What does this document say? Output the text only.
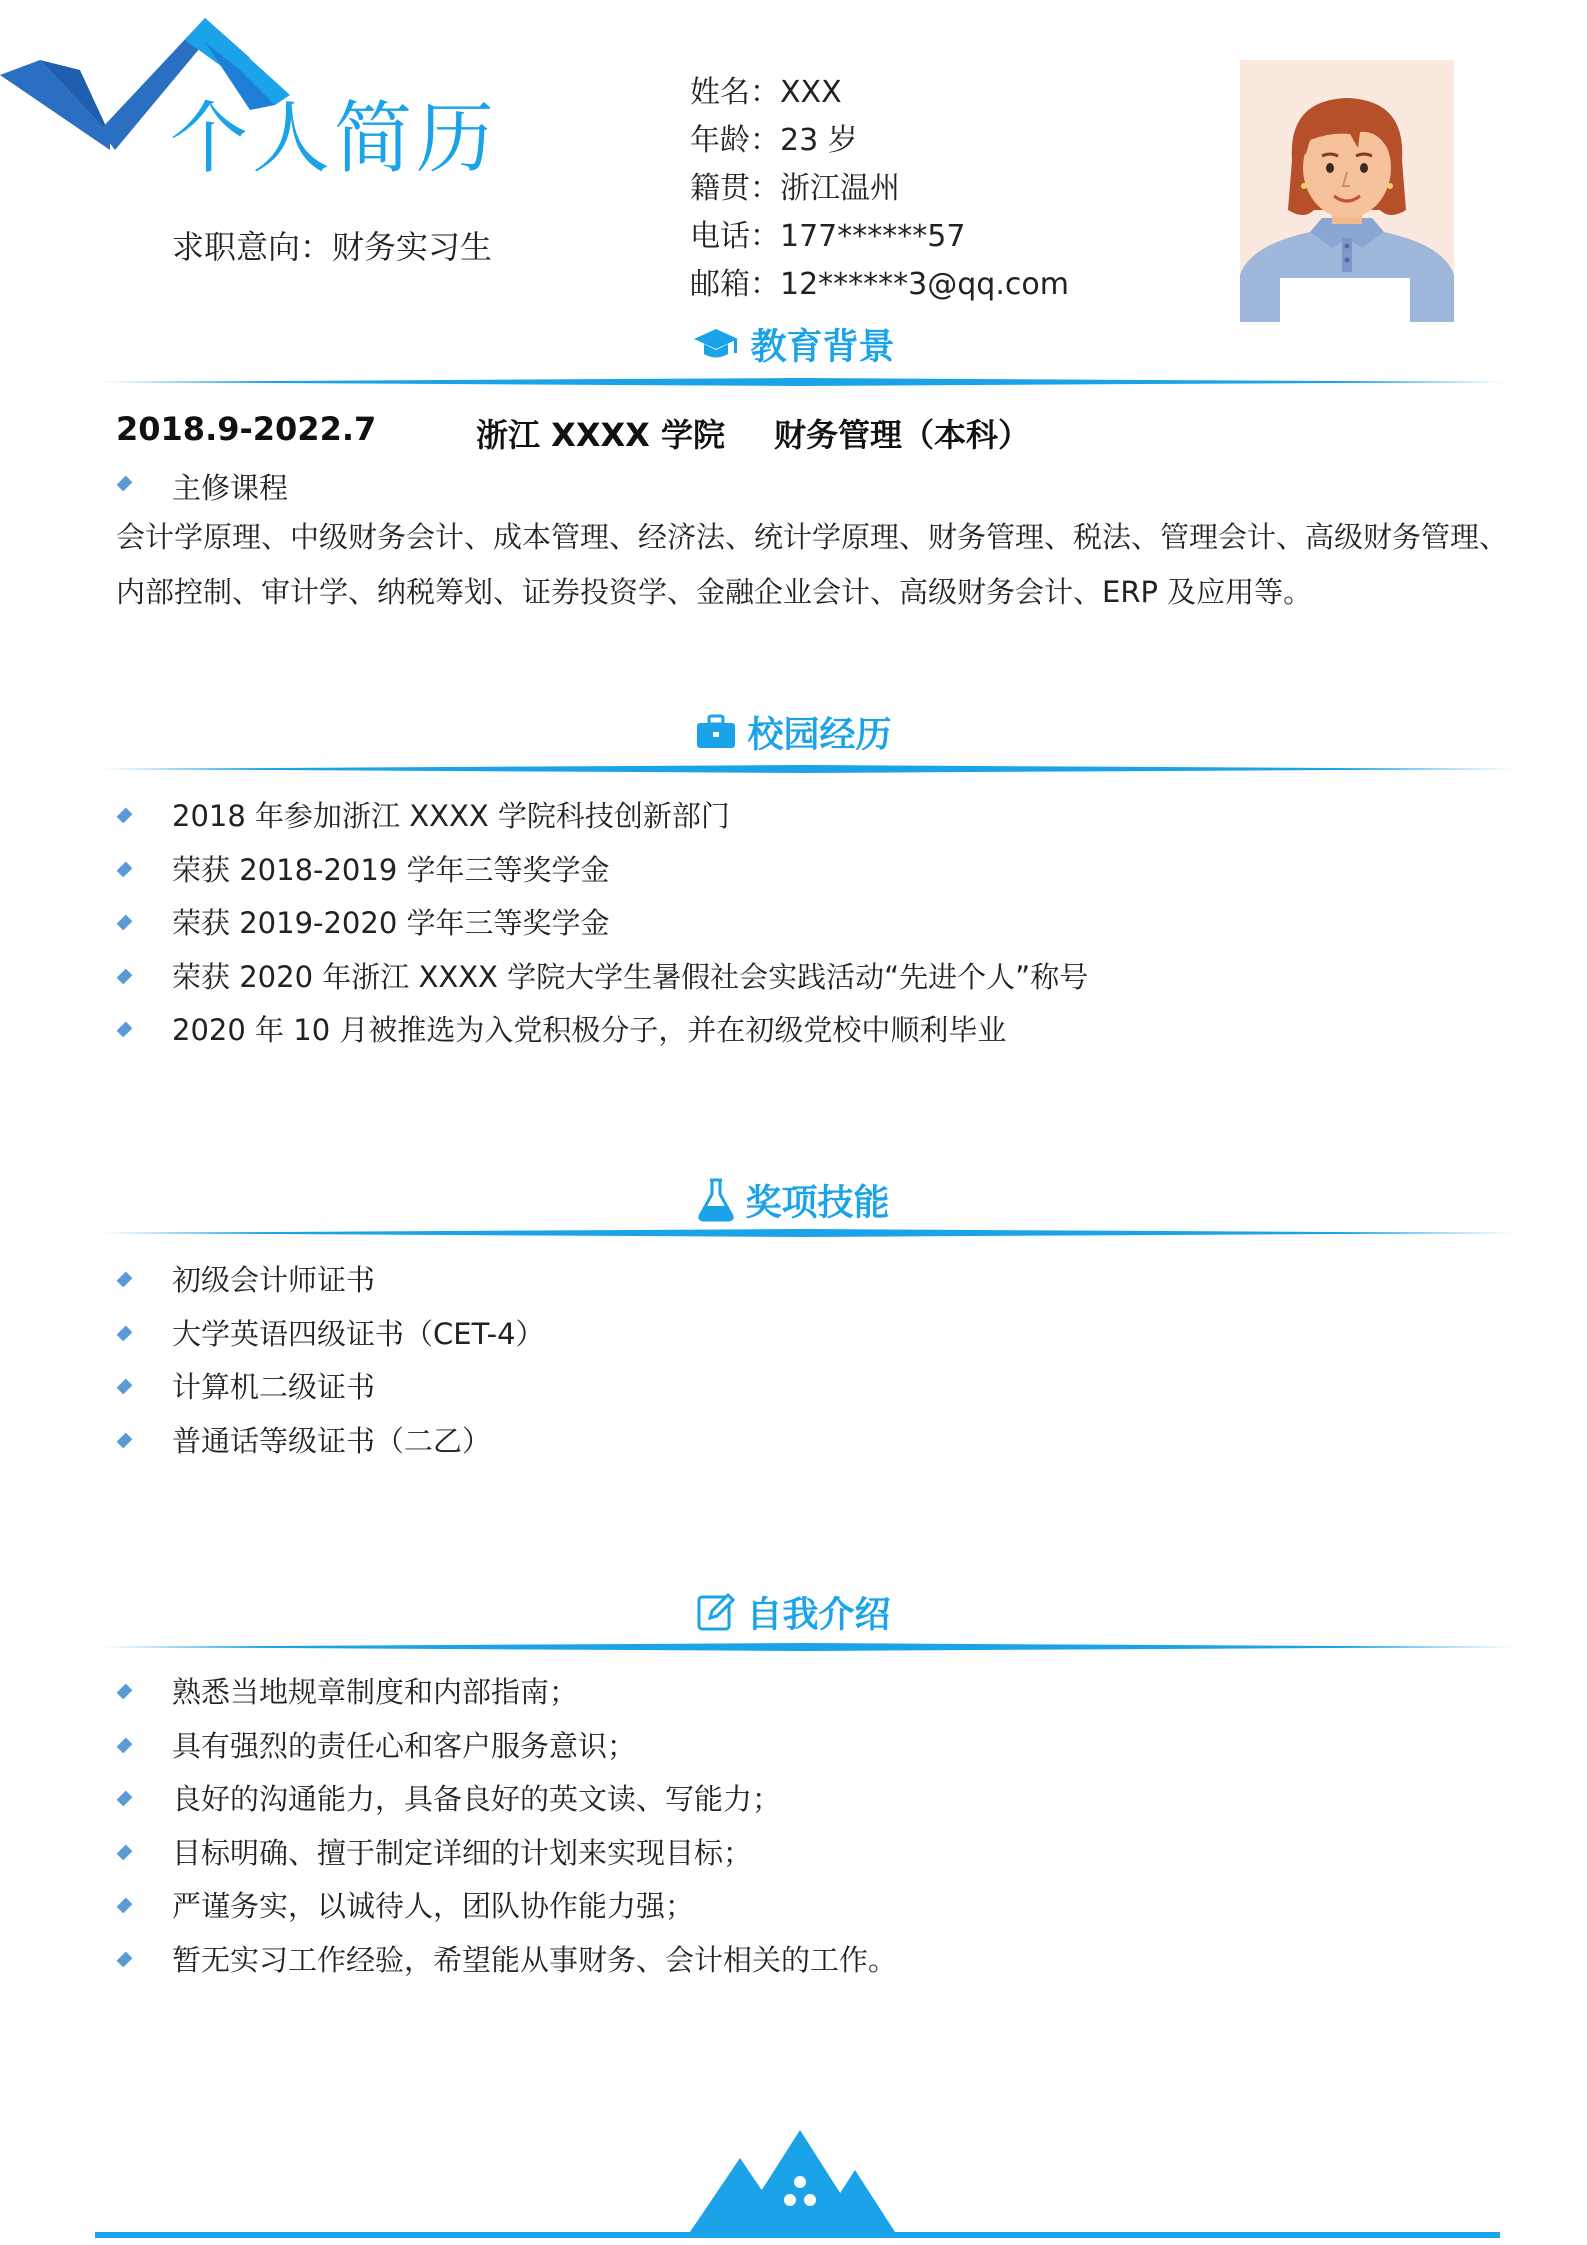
个人简历
求职意向：财务实习生
姓名：XXX
年龄：23 岁
籍贯：浙江温州
电话：177******57
邮箱：12******3@qq.com
教育背景
2018.9-2022.7	浙江 XXXX 学院 财务管理（本科）
主修课程
会计学原理、中级财务会计、成本管理、经济法、统计学原理、财务管理、税法、管理会计、高级财务管理、内部控制、审计学、纳税筹划、证券投资学、金融企业会计、高级财务会计、ERP 及应用等。
校园经历
2018 年参加浙江 XXXX 学院科技创新部门
荣获 2018-2019 学年三等奖学金
荣获 2019-2020 学年三等奖学金
荣获 2020 年浙江 XXXX 学院大学生暑假社会实践活动“先进个人”称号
2020 年 10 月被推选为入党积极分子，并在初级党校中顺利毕业
奖项技能
初级会计师证书
大学英语四级证书（CET-4）
计算机二级证书
普通话等级证书（二乙）
自我介绍
熟悉当地规章制度和内部指南；
具有强烈的责任心和客户服务意识；
良好的沟通能力，具备良好的英文读、写能力；
目标明确、擅于制定详细的计划来实现目标；
严谨务实，以诚待人，团队协作能力强；
暂无实习工作经验，希望能从事财务、会计相关的工作。
